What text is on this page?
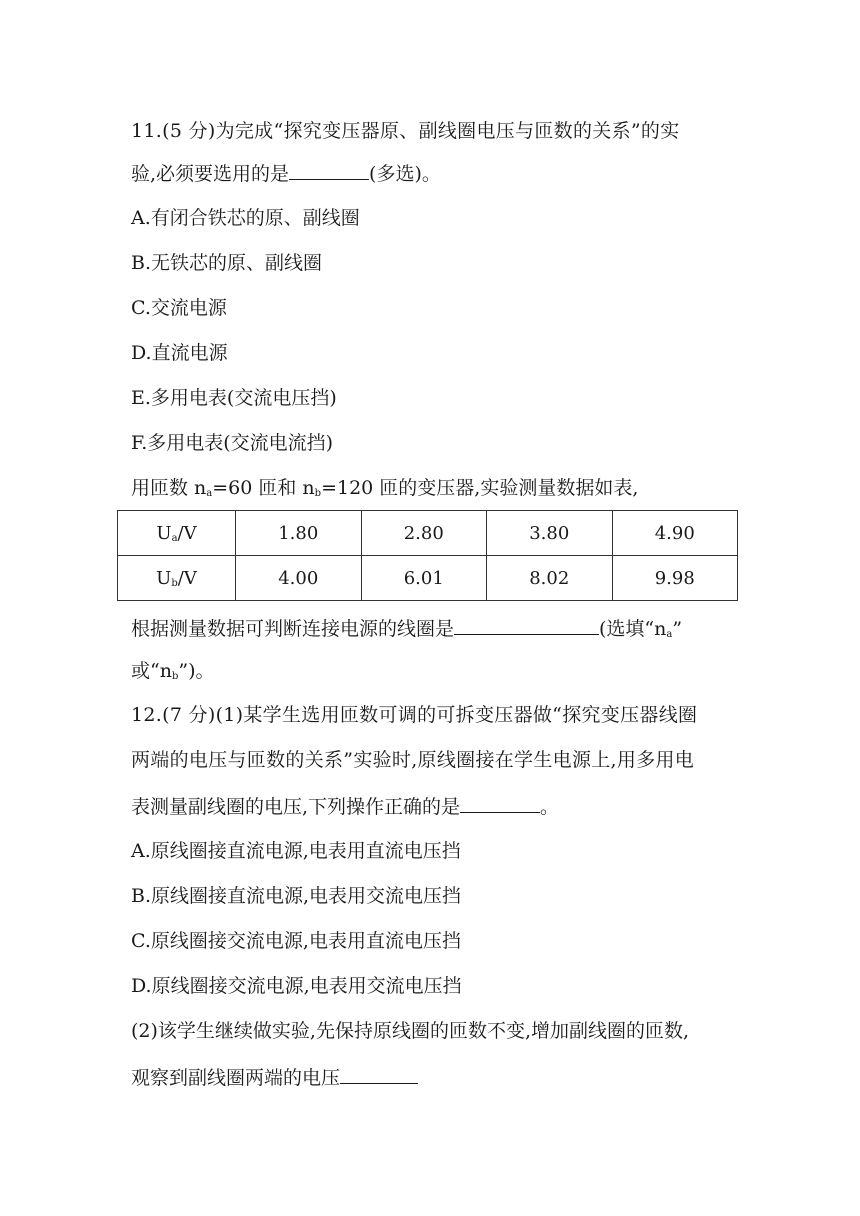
11.(5 分)为完成“探究变压器原、副线圈电压与匝数的关系”的实
验,必须要选用的是	(多选)。
A.有闭合铁芯的原、副线圈
B.无铁芯的原、副线圈
C.交流电源
D.直流电源
E.多用电表(交流电压挡)
F.多用电表(交流电流挡)
用匝数 $n_a=60$ 匝和 $n_b=120$ 匝的变压器,实验测量数据如表,
$U_a/V$	1.80	2.80	3.80	4.90
$U_b/V$	4.00	6.01	8.02	9.98
根据测量数据可判断连接电源的线圈是	(选填“$n_a$”
或“$n_b$”)。
12.(7 分)(1)某学生选用匝数可调的可拆变压器做“探究变压器线圈
两端的电压与匝数的关系”实验时,原线圈接在学生电源上,用多用电
表测量副线圈的电压,下列操作正确的是	。
A.原线圈接直流电源,电表用直流电压挡
B.原线圈接直流电源,电表用交流电压挡
C.原线圈接交流电源,电表用直流电压挡
D.原线圈接交流电源,电表用交流电压挡
(2)该学生继续做实验,先保持原线圈的匝数不变,增加副线圈的匝数,
观察到副线圈两端的电压
